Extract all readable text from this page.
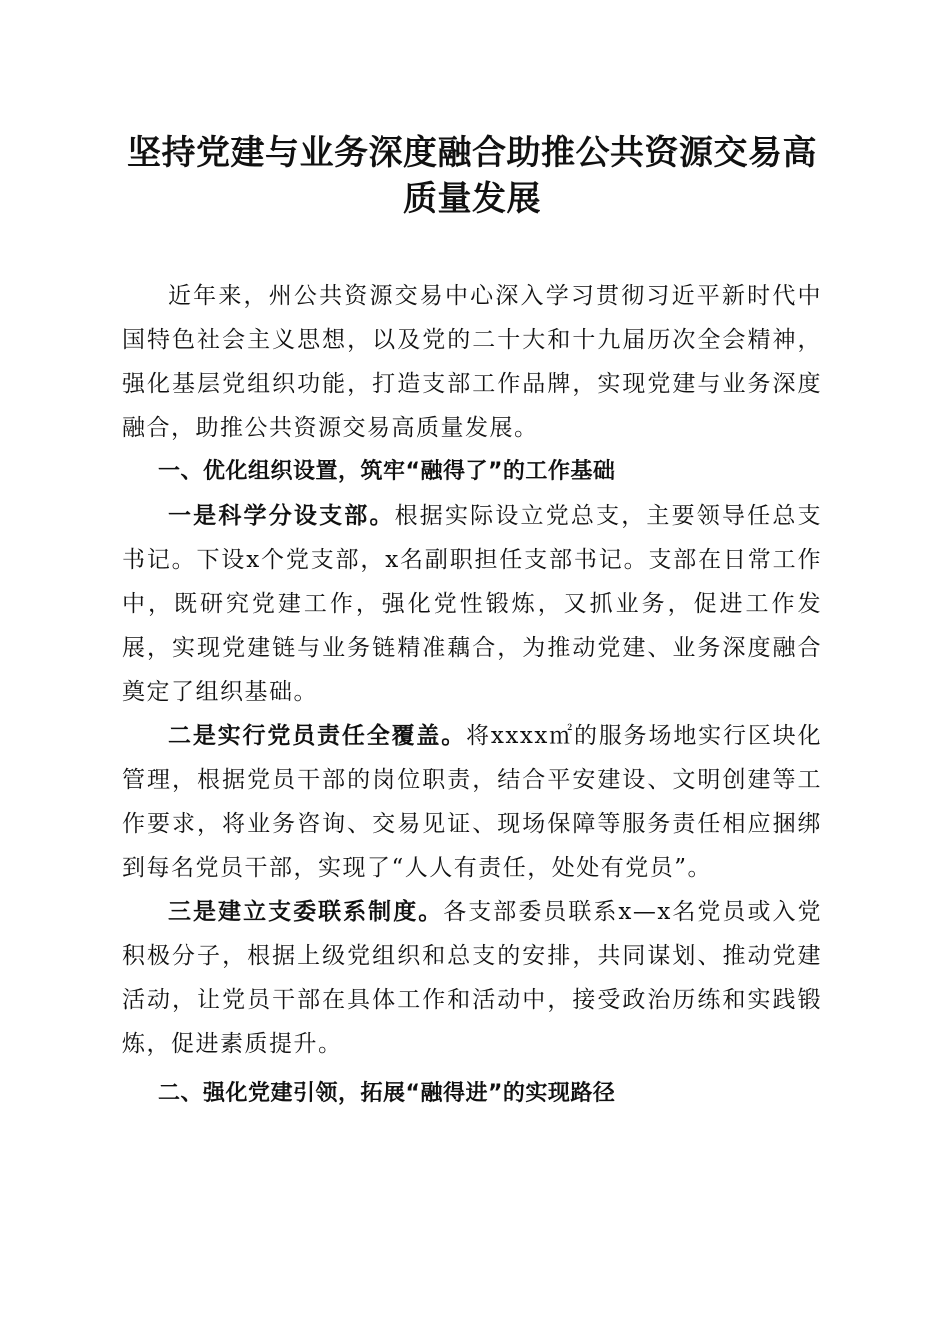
坚持党建与业务深度融合助推公共资源交易高
质量发展

近年来，州公共资源交易中心深入学习贯彻习近平新时代中国特色社会主义思想，以及党的二十大和十九届历次全会精神，强化基层党组织功能，打造支部工作品牌，实现党建与业务深度融合，助推公共资源交易高质量发展。

一、优化组织设置，筑牢“融得了”的工作基础

一是科学分设支部。根据实际设立党总支，主要领导任总支书记。下设x个党支部，x名副职担任支部书记。支部在日常工作中，既研究党建工作，强化党性锻炼，又抓业务，促进工作发展，实现党建链与业务链精准藕合，为推动党建、业务深度融合奠定了组织基础。

二是实行党员责任全覆盖。将xxxx㎡的服务场地实行区块化管理，根据党员干部的岗位职责，结合平安建设、文明创建等工作要求，将业务咨询、交易见证、现场保障等服务责任相应捆绑到每名党员干部，实现了“人人有责任，处处有党员”。

三是建立支委联系制度。各支部委员联系x—x名党员或入党积极分子，根据上级党组织和总支的安排，共同谋划、推动党建活动，让党员干部在具体工作和活动中，接受政治历练和实践锻炼，促进素质提升。

二、强化党建引领，拓展“融得进”的实现路径
